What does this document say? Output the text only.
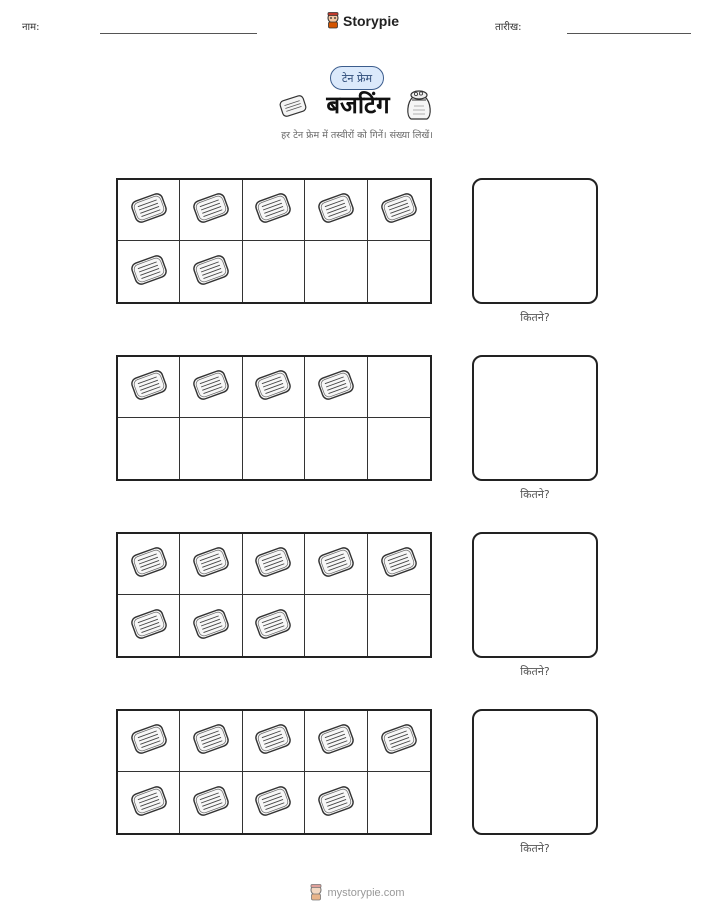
नाम:	Storypie	तारीख:
टेन फ्रेम
बजटिंग
हर टेन फ्रेम में तस्वीरों को गिनें। संख्या लिखें।
कितने?
कितने?
कितने?
कितने?
mystorypie.com
